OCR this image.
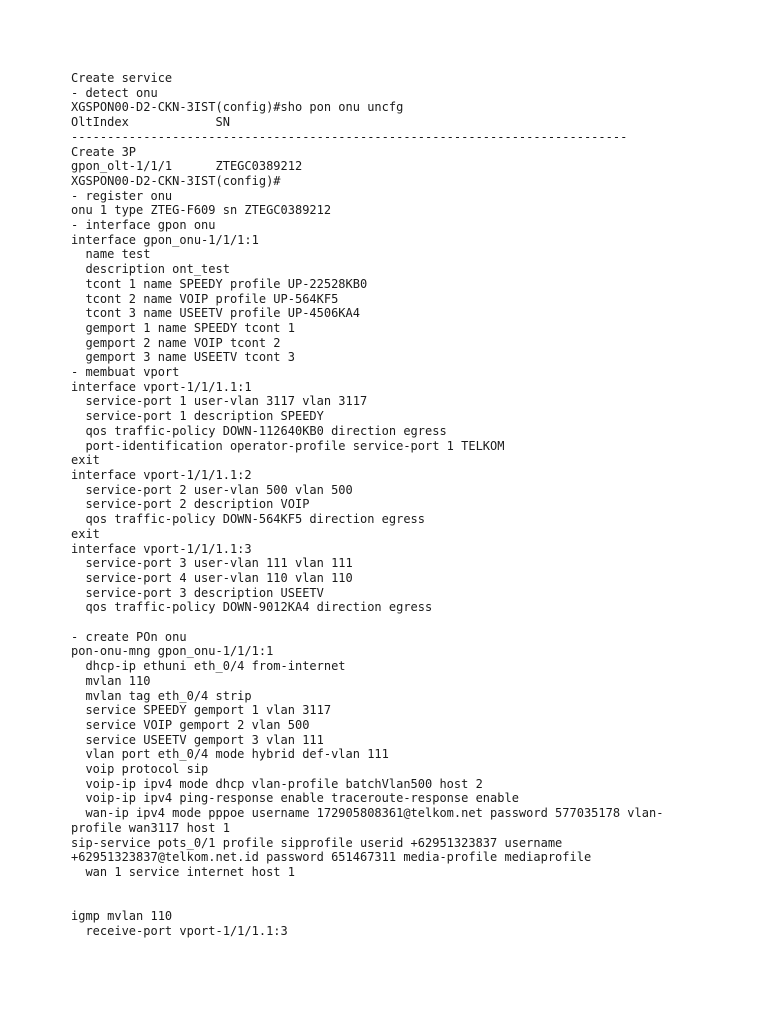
Create service
- detect onu
XGSPON00-D2-CKN-3IST(config)#sho pon onu uncfg
OltIndex            SN
-----------------------------------------------------------------------------
Create 3P
gpon_olt-1/1/1      ZTEGC0389212
XGSPON00-D2-CKN-3IST(config)#
- register onu
onu 1 type ZTEG-F609 sn ZTEGC0389212
- interface gpon onu
interface gpon_onu-1/1/1:1
name test
description ont_test
tcont 1 name SPEEDY profile UP-22528KB0
tcont 2 name VOIP profile UP-564KF5
tcont 3 name USEETV profile UP-4506KA4
gemport 1 name SPEEDY tcont 1
gemport 2 name VOIP tcont 2
gemport 3 name USEETV tcont 3
- membuat vport
interface vport-1/1/1.1:1
service-port 1 user-vlan 3117 vlan 3117
service-port 1 description SPEEDY
qos traffic-policy DOWN-112640KB0 direction egress
port-identification operator-profile service-port 1 TELKOM
exit
interface vport-1/1/1.1:2
service-port 2 user-vlan 500 vlan 500
service-port 2 description VOIP
qos traffic-policy DOWN-564KF5 direction egress
exit
interface vport-1/1/1.1:3
service-port 3 user-vlan 111 vlan 111
service-port 4 user-vlan 110 vlan 110
service-port 3 description USEETV
qos traffic-policy DOWN-9012KA4 direction egress
- create POn onu
pon-onu-mng gpon_onu-1/1/1:1
dhcp-ip ethuni eth_0/4 from-internet
mvlan 110
mvlan tag eth_0/4 strip
service SPEEDY gemport 1 vlan 3117
service VOIP gemport 2 vlan 500
service USEETV gemport 3 vlan 111
vlan port eth_0/4 mode hybrid def-vlan 111
voip protocol sip
voip-ip ipv4 mode dhcp vlan-profile batchVlan500 host 2
voip-ip ipv4 ping-response enable traceroute-response enable
wan-ip ipv4 mode pppoe username 172905808361@telkom.net password 577035178 vlan-
profile wan3117 host 1
sip-service pots_0/1 profile sipprofile userid +62951323837 username
+62951323837@telkom.net.id password 651467311 media-profile mediaprofile
wan 1 service internet host 1
igmp mvlan 110
receive-port vport-1/1/1.1:3
